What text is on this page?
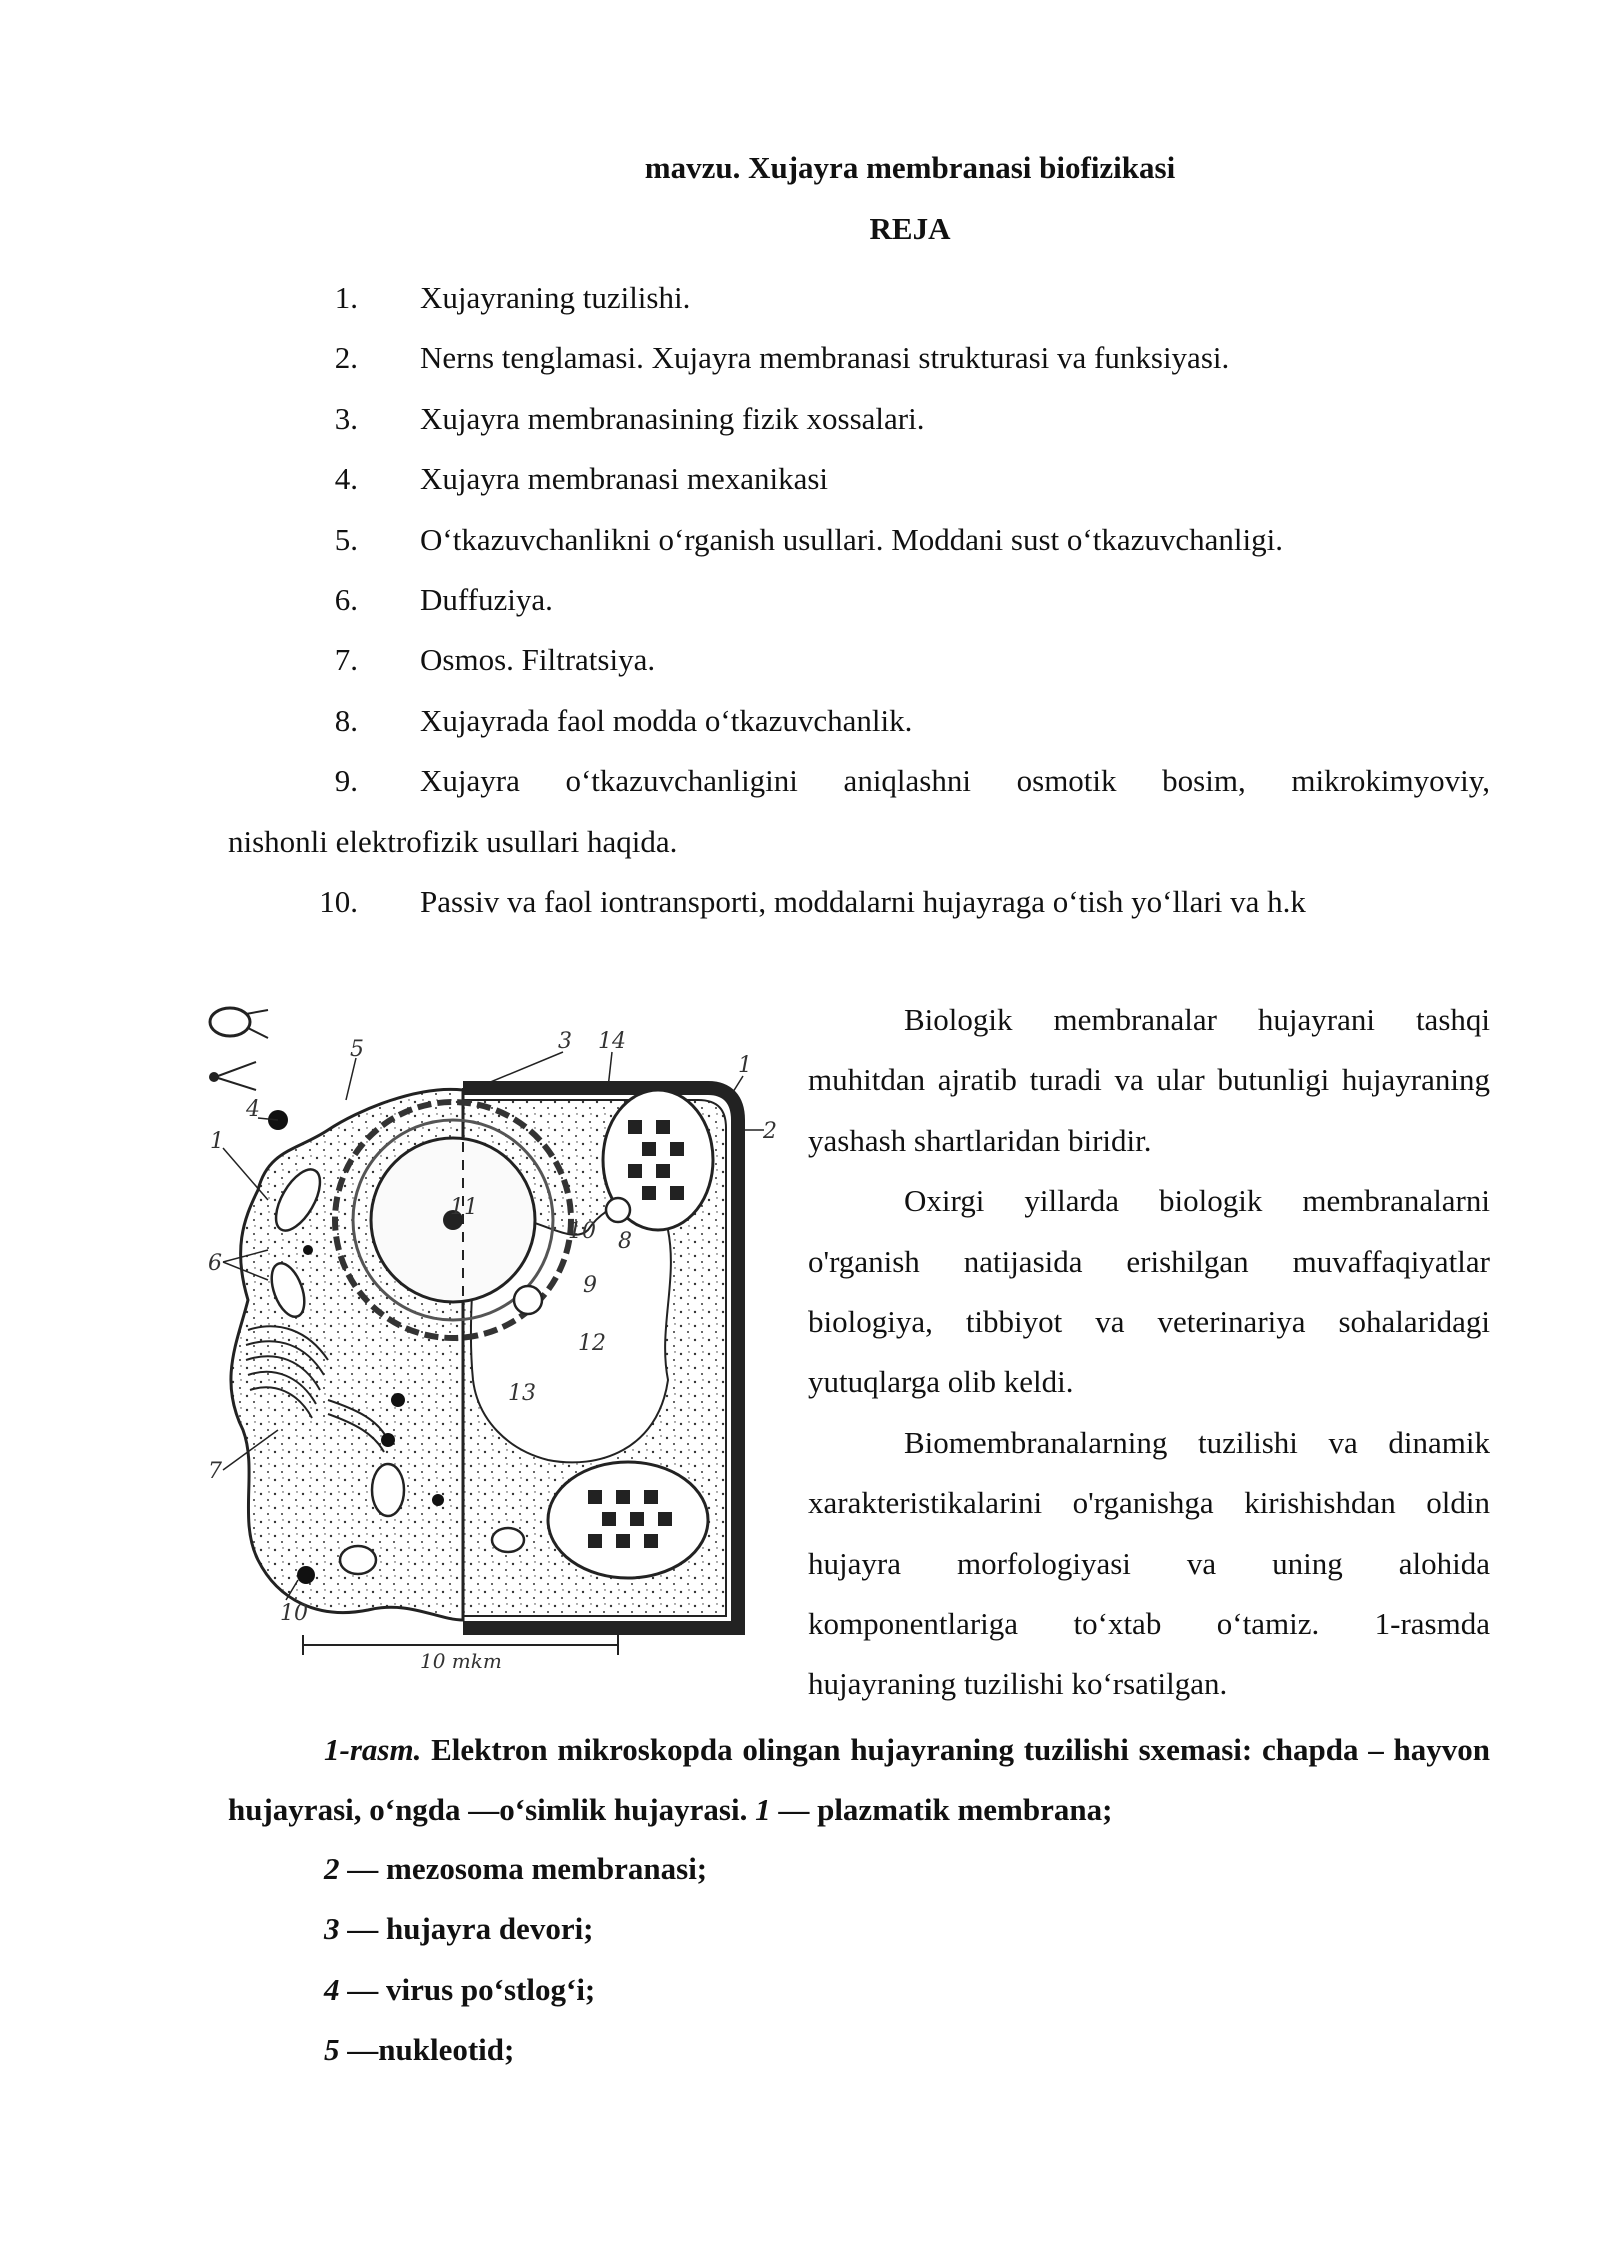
mavzu. Xujayra membranasi biofizikasi
REJA
1. Xujayraning tuzilishi.
2. Nerns tenglamasi. Xujayra membranasi strukturasi va funksiyasi.
3. Xujayra membranasining fizik xossalari.
4. Xujayra membranasi mexanikasi
5. O‘tkazuvchanlikni o‘rganish usullari. Moddani sust o‘tkazuvchanligi.
6. Duffuziya.
7. Osmos. Filtratsiya.
8. Xujayrada faol modda o‘tkazuvchanlik.
9. Xujayra o‘tkazuvchanligini aniqlashni osmotik bosim, mikrokimyoviy,
nishonli elektrofizik usullari haqida.
10. Passiv va faol iontransporti, moddalarni hujayraga o‘tish yo‘llari va h.k
3 14
1
2
1
4
5
6
7
10
11
12
13
9
10 8
10 mkm

Biologik membranalar hujayrani tashqi muhitdan ajratib turadi va ular butunligi hujayraning yashash shartlaridan biridir.

Oxirgi yillarda biologik membranalarni o'rganish natijasida erishilgan muvaffaqiyatlar biologiya, tibbiyot va veterinariya sohalaridagi yutuqlarga olib keldi.

Biomembranalarning tuzilishi va dinamik xarakteristikalarini o'rganishga kirishishdan oldin hujayra morfologiyasi va uning alohida komponentlariga to‘xtab o‘tamiz. 1-rasmda hujayraning tuzilishi ko‘rsatilgan.

1-rasm. Elektron mikroskopda olingan hujayraning tuzilishi sxemasi: chapda – hayvon hujayrasi, o‘ngda —o‘simlik hujayrasi. 1 — plazmatik membrana;

2 — mezosoma membranasi;
3 — hujayra devori;
4 — virus po‘stlog‘i;
5 —nukleotid;
